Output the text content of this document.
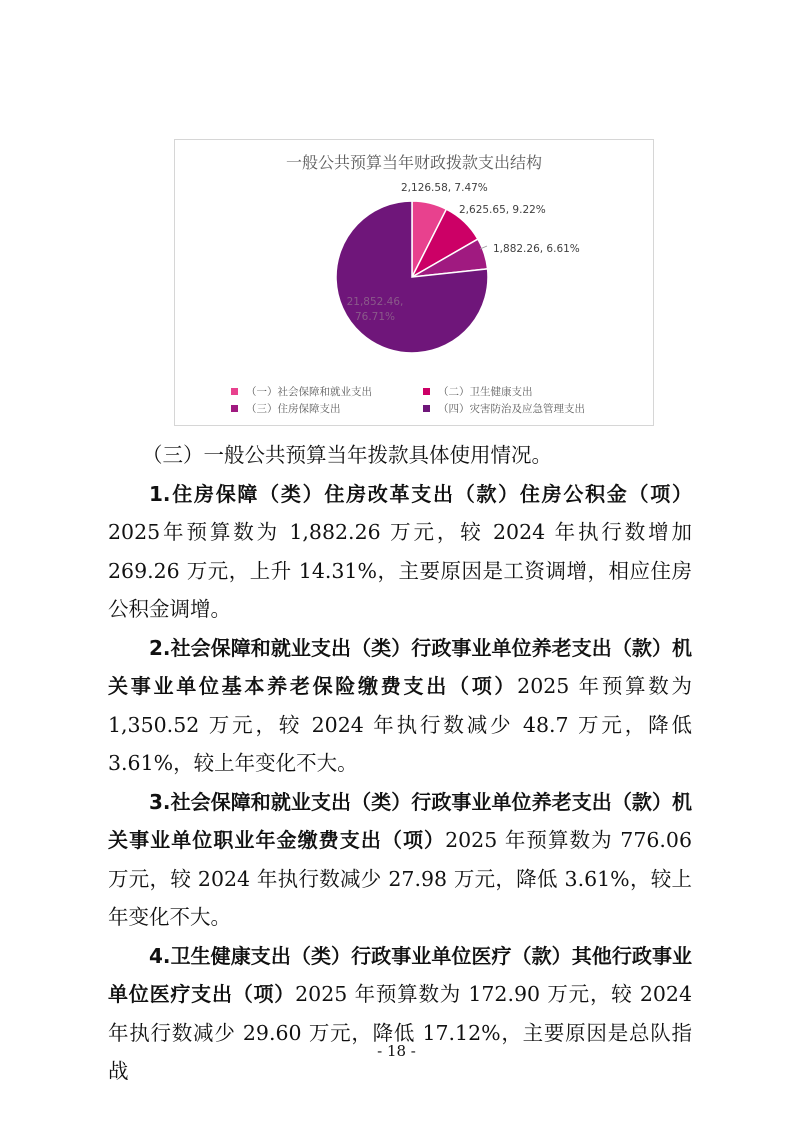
一般公共预算当年财政拨款支出结构
2,126.58, 7.47%
2,625.65, 9.22%
1,882.26, 6.61%
21,852.46,
76.71%
（一）社会保障和就业支出	（二）卫生健康支出
（三）住房保障支出	（四）灾害防治及应急管理支出

（三）一般公共预算当年拨款具体使用情况。

1.住房保障（类）住房改革支出（款）住房公积金（项）2025年预算数为 1,882.26 万元，较 2024 年执行数增加 269.26 万元，上升 14.31%，主要原因是工资调增，相应住房公积金调增。

2.社会保障和就业支出（类）行政事业单位养老支出（款）机关事业单位基本养老保险缴费支出（项）2025 年预算数为 1,350.52 万元，较 2024 年执行数减少 48.7 万元，降低 3.61%，较上年变化不大。

3.社会保障和就业支出（类）行政事业单位养老支出（款）机关事业单位职业年金缴费支出（项）2025 年预算数为 776.06 万元，较 2024 年执行数减少 27.98 万元，降低 3.61%，较上年变化不大。

4.卫生健康支出（类）行政事业单位医疗（款）其他行政事业单位医疗支出（项）2025 年预算数为 172.90 万元，较 2024 年执行数减少 29.60 万元，降低 17.12%，主要原因是总队指战

- 18 -
